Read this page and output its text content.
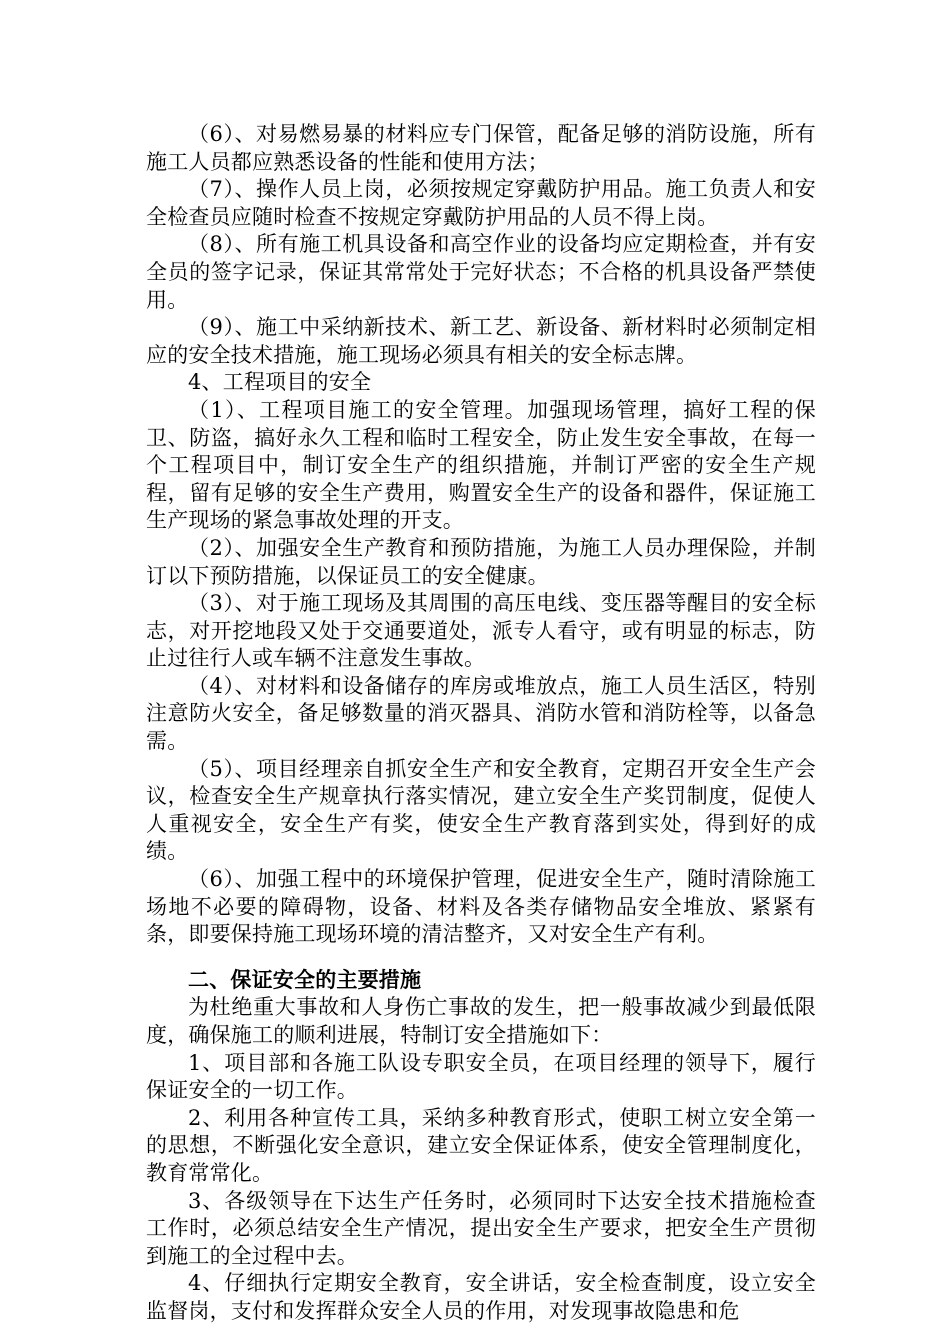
（6）、对易燃易暴的材料应专门保管，配备足够的消防设施，所有施工人员都应熟悉设备的性能和使用方法；

（7）、操作人员上岗，必须按规定穿戴防护用品。施工负责人和安全检查员应随时检查不按规定穿戴防护用品的人员不得上岗。

（8）、所有施工机具设备和高空作业的设备均应定期检查，并有安全员的签字记录，保证其常常处于完好状态；不合格的机具设备严禁使用。

（9）、施工中采纳新技术、新工艺、新设备、新材料时必须制定相应的安全技术措施，施工现场必须具有相关的安全标志牌。

4、工程项目的安全

（1）、工程项目施工的安全管理。加强现场管理，搞好工程的保卫、防盗，搞好永久工程和临时工程安全，防止发生安全事故，在每一个工程项目中，制订安全生产的组织措施，并制订严密的安全生产规程，留有足够的安全生产费用，购置安全生产的设备和器件，保证施工生产现场的紧急事故处理的开支。

（2）、加强安全生产教育和预防措施，为施工人员办理保险，并制订以下预防措施，以保证员工的安全健康。

（3）、对于施工现场及其周围的高压电线、变压器等醒目的安全标志，对开挖地段又处于交通要道处，派专人看守，或有明显的标志，防止过往行人或车辆不注意发生事故。

（4）、对材料和设备储存的库房或堆放点，施工人员生活区，特别注意防火安全，备足够数量的消灭器具、消防水管和消防栓等，以备急需。

（5）、项目经理亲自抓安全生产和安全教育，定期召开安全生产会议，检查安全生产规章执行落实情况，建立安全生产奖罚制度，促使人人重视安全，安全生产有奖，使安全生产教育落到实处，得到好的成绩。

（6）、加强工程中的环境保护管理，促进安全生产，随时清除施工场地不必要的障碍物，设备、材料及各类存储物品安全堆放、紧紧有条，即要保持施工现场环境的清洁整齐，又对安全生产有利。

二、保证安全的主要措施

为杜绝重大事故和人身伤亡事故的发生，把一般事故减少到最低限度，确保施工的顺利进展，特制订安全措施如下：

1、项目部和各施工队设专职安全员，在项目经理的领导下，履行保证安全的一切工作。

2、利用各种宣传工具，采纳多种教育形式，使职工树立安全第一的思想，不断强化安全意识，建立安全保证体系，使安全管理制度化，教育常常化。

3、各级领导在下达生产任务时，必须同时下达安全技术措施检查工作时，必须总结安全生产情况，提出安全生产要求，把安全生产贯彻到施工的全过程中去。

4、仔细执行定期安全教育，安全讲话，安全检查制度，设立安全监督岗，支付和发挥群众安全人员的作用，对发现事故隐患和危
